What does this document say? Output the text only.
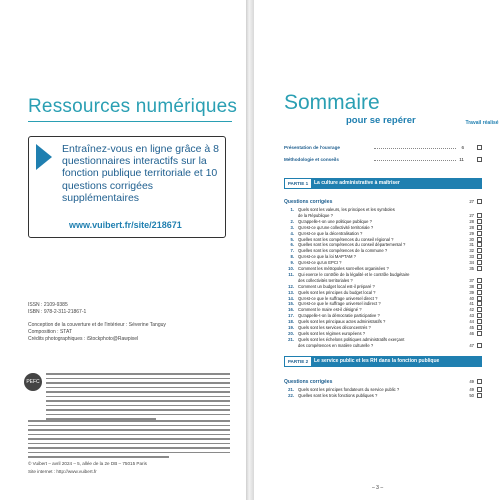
Ressources numériques
Entraînez-vous en ligne grâce à 8 questionnaires interactifs sur la fonction publique territoriale et 10 questions corrigées supplémentaires
www.vuibert.fr/site/218671
ISSN : 2109-9385
ISBN : 978-2-311-21867-1
Conception de la couverture et de l'intérieur : Séverine Tanguy
Composition : STAT
Crédits photographiques : iStockphoto@Rawpixel
PEFC
© Vuibert – avril 2024 – 5, allée de la 2e DB – 75015 Paris
Site internet : http://www.vuibert.fr
Sommaire
pour se repérer	Travail réalisé
Présentation de l'ouvrage	6
Méthodologie et conseils	11
PARTIE 1	La culture administrative à maîtriser
Questions corrigées	27
1. Quels sont les valeurs, les principes et les symboles
de la République ?	27
2. Qu'appelle-t-on une politique publique ?	28
3. Qu'est-ce qu'une collectivité territoriale ?	28
4. Qu'est-ce que la décentralisation ?	29
5. Quelles sont les compétences du conseil régional ?	30
6. Quelles sont les compétences du conseil départemental ?	31
7. Quelles sont les compétences de la commune ?	32
8. Qu'est-ce que la loi MAPTAM ?	33
9. Qu'est-ce qu'un EPCI ?	34
10. Comment les métropoles sont-elles organisées ?	35
11. Qui exerce le contrôle de la légalité et le contrôle budgétaire
des collectivités territoriales ?	37
12. Comment un budget local est-il préparé ?	38
13. Quels sont les principes du budget local ?	39
14. Qu'est-ce que le suffrage universel direct ?	40
15. Qu'est-ce que le suffrage universel indirect ?	41
16. Comment le maire est-il désigné ?	42
17. Qu'appelle-t-on la démocratie participative ?	43
18. Quels sont les principaux actes administratifs ?	44
19. Quels sont les services déconcentrés ?	45
20. Quels sont les régimes européens ?	46
21. Quels sont les échelons politiques administratifs exerçant
des compétences en matière culturelle ?	47
PARTIE 2	Le service public et les RH dans la fonction publique
Questions corrigées	49
21. Quels sont les principes fondateurs du service public ?	49
22. Quelles sont les trois fonctions publiques ?	50
– 3 –
